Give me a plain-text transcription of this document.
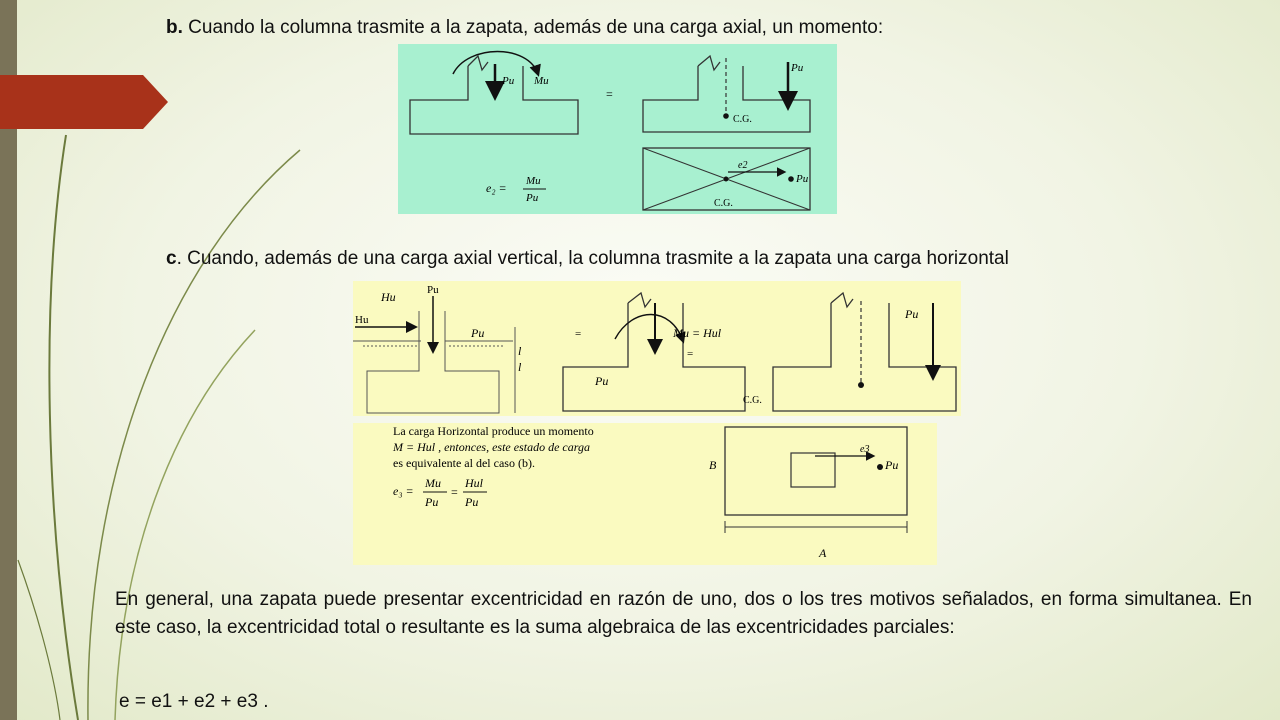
b. Cuando la columna trasmite a la zapata, además de una carga axial, un momento:
Pu Mu
=
C.G.
Pu
e2
Pu
C.G.
e₂ = Mu
Pu
c. Cuando, además de una carga axial vertical, la columna trasmite a la zapata una carga horizontal
Hu	Pu
Hu
Pu
l
l
=	Mu = Hul
=
Pu
C.G.
Pu
La carga Horizontal produce un momento
M = Hul , entonces, este estado de carga
es equivalente al del caso (b).
e₃ =
Mu
Pu
=
Hul
Pu
B
e3
Pu
A
En general, una zapata puede presentar excentricidad en razón de uno, dos o los tres motivos señalados, en forma simultanea. En este caso, la excentricidad total o resultante es la suma algebraica de las excentricidades parciales:
e = e1 + e2 + e3 .
